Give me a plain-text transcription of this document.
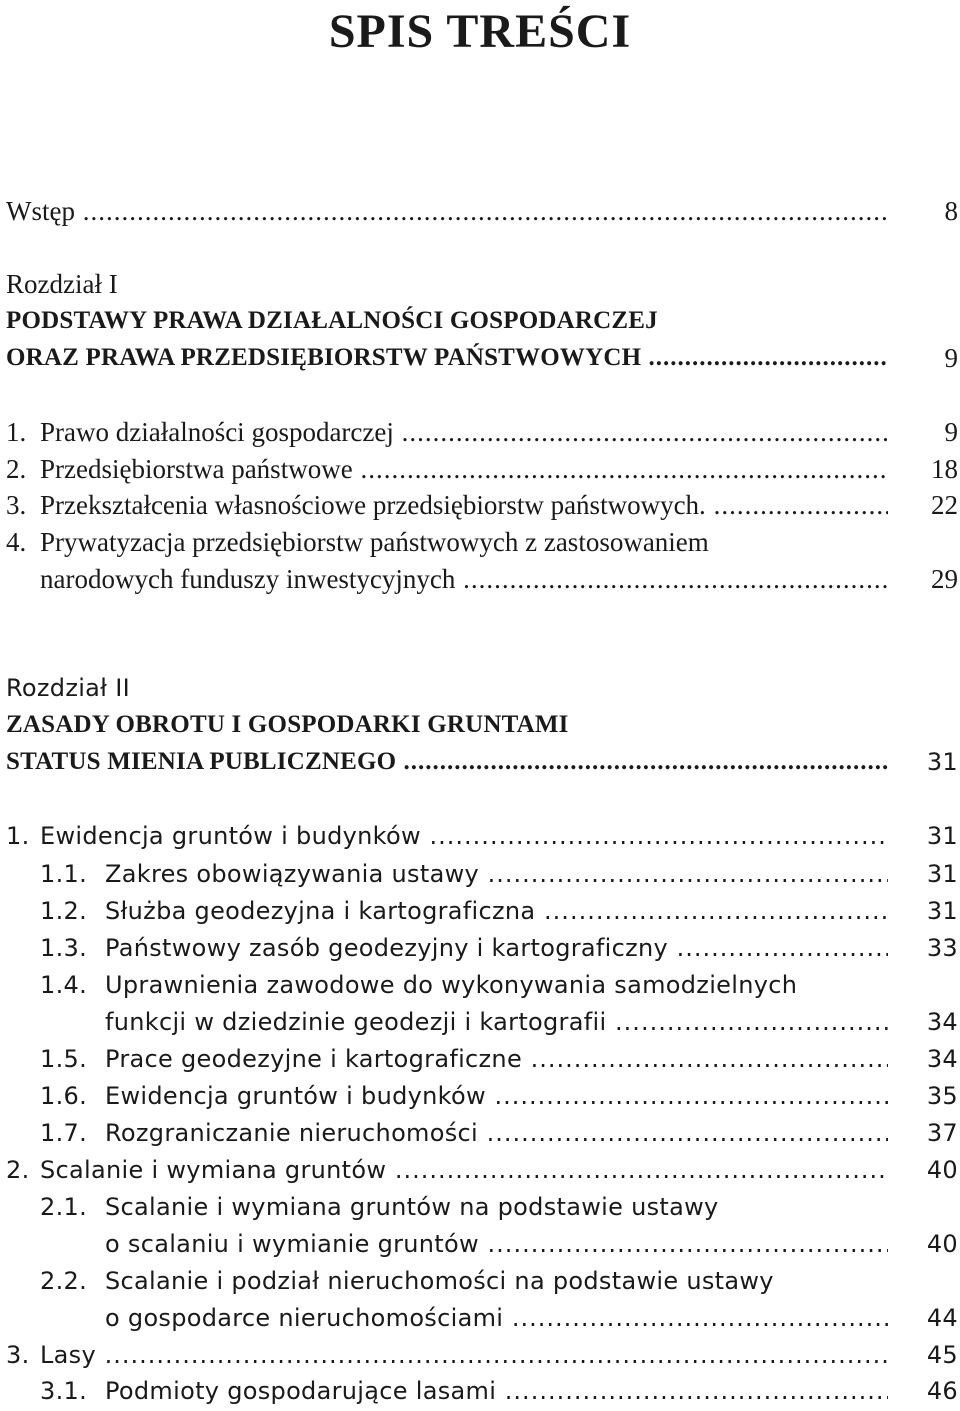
SPIS TREŚCI
Wstęp .....	8
Rozdział I
PODSTAWY PRAWA DZIAŁALNOŚCI GOSPODARCZEJ
ORAZ PRAWA PRZEDSIĘBIORSTW PAŃSTWOWYCH .....	9
1. Prawo działalności gospodarczej .....	9
2. Przedsiębiorstwa państwowe .....	18
3. Przekształcenia własnościowe przedsiębiorstw państwowych. .....	22
4. Prywatyzacja przedsiębiorstw państwowych z zastosowaniem
narodowych funduszy inwestycyjnych .....	29
Rozdział II
ZASADY OBROTU I GOSPODARKI GRUNTAMI
STATUS MIENIA PUBLICZNEGO .....	31
1. Ewidencja gruntów i budynków .....	31
1.1. Zakres obowiązywania ustawy .....	31
1.2. Służba geodezyjna i kartograficzna .....	31
1.3. Państwowy zasób geodezyjny i kartograficzny .....	33
1.4. Uprawnienia zawodowe do wykonywania samodzielnych
funkcji w dziedzinie geodezji i kartografii .....	34
1.5. Prace geodezyjne i kartograficzne .....	34
1.6. Ewidencja gruntów i budynków .....	35
1.7. Rozgraniczanie nieruchomości .....	37
2. Scalanie i wymiana gruntów .....	40
2.1. Scalanie i wymiana gruntów na podstawie ustawy
o scalaniu i wymianie gruntów .....	40
2.2. Scalanie i podział nieruchomości na podstawie ustawy
o gospodarce nieruchomościami .....	44
3. Lasy .....	45
3.1. Podmioty gospodarujące lasami .....	46
